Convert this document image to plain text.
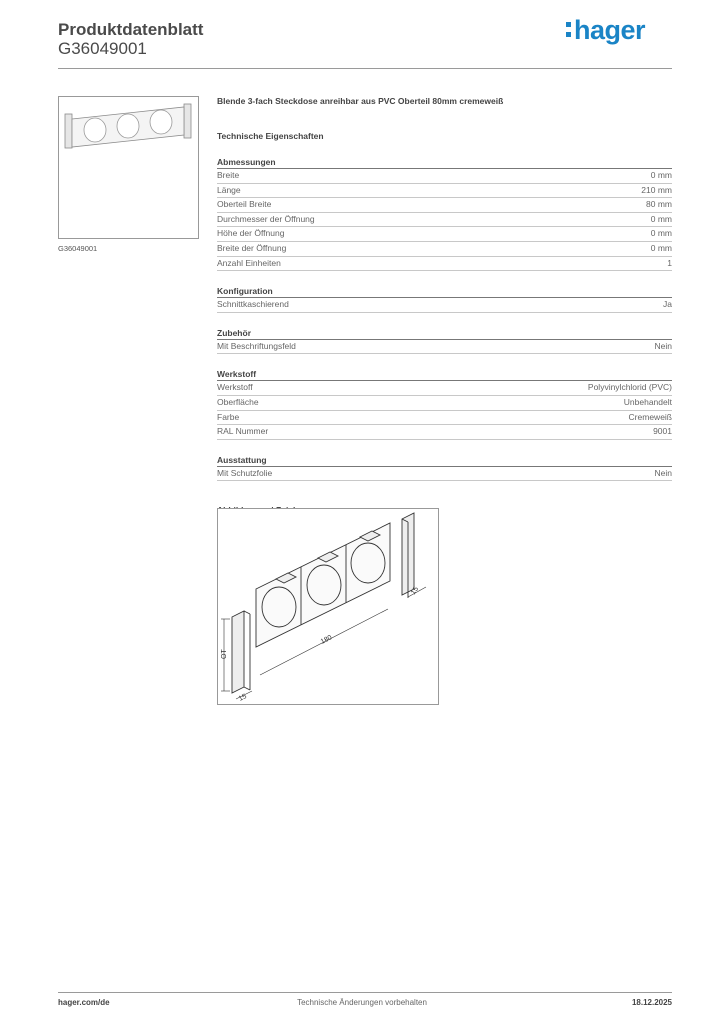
Produktdatenblatt
G36049001
hager
G36049001
Blende 3-fach Steckdose anreihbar aus PVC Oberteil 80mm cremeweiß
Technische Eigenschaften
Abmessungen
Breite	0 mm
Länge	210 mm
Oberteil Breite	80 mm
Durchmesser der Öffnung	0 mm
Höhe der Öffnung	0 mm
Breite der Öffnung	0 mm
Anzahl Einheiten	1
Konfiguration
Schnittkaschierend	Ja
Zubehör
Mit Beschriftungsfeld	Nein
Werkstoff
Werkstoff	Polyvinylchlorid (PVC)
Oberfläche	Unbehandelt
Farbe	Cremeweiß
RAL Nummer	9001
Ausstattung
Mit Schutzfolie	Nein
OT
180
15
15
hager.com/de	Technische Änderungen vorbehalten	18.12.2025
